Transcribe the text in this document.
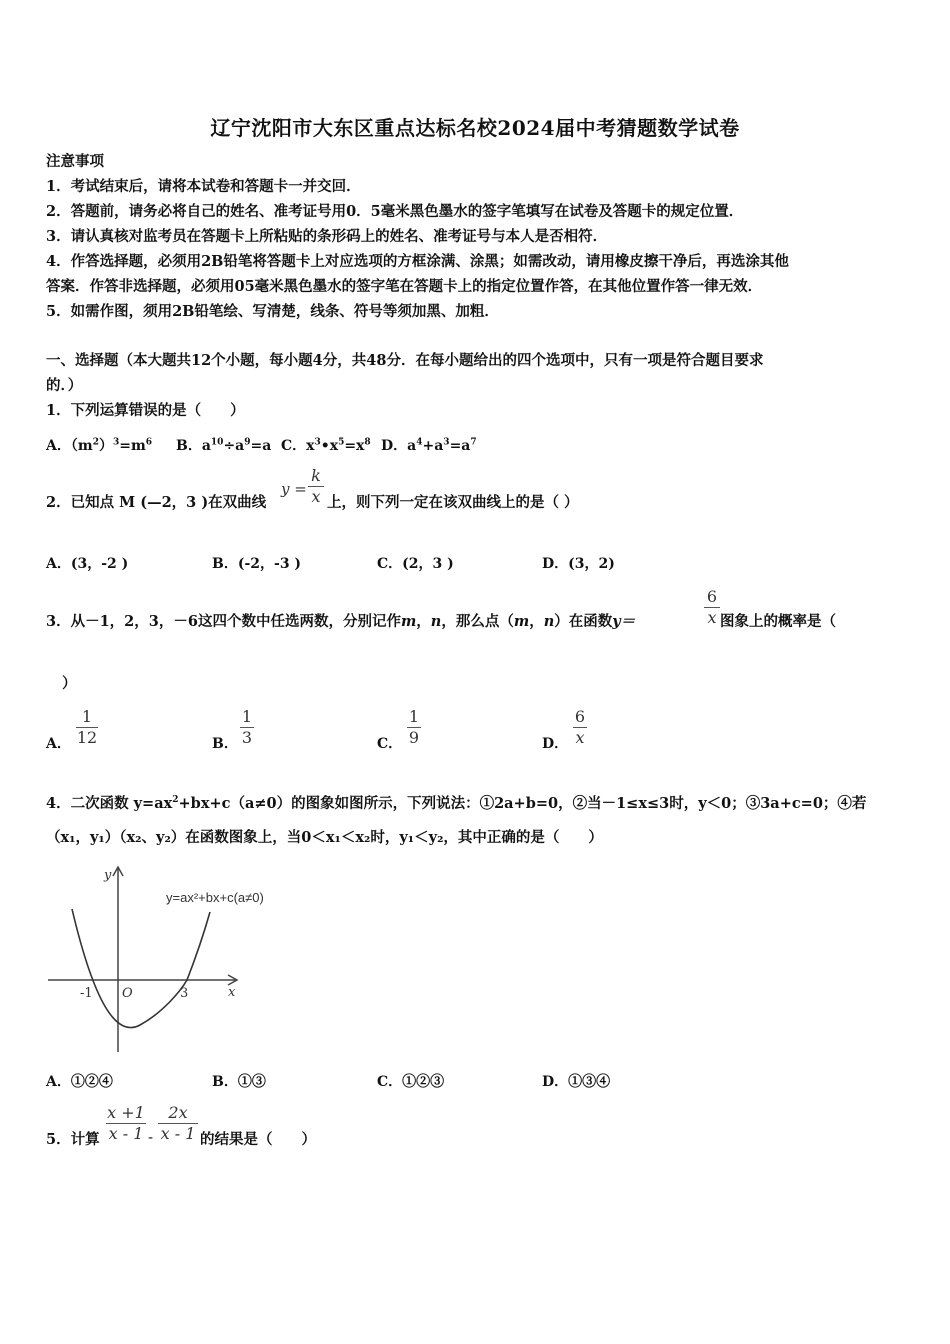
辽宁沈阳市大东区重点达标名校2024届中考猜题数学试卷
注意事项
1．考试结束后，请将本试卷和答题卡一并交回．
2．答题前，请务必将自己的姓名、准考证号用0．5毫米黑色墨水的签字笔填写在试卷及答题卡的规定位置．
3．请认真核对监考员在答题卡上所粘贴的条形码上的姓名、准考证号与本人是否相符．
4．作答选择题，必须用2B铅笔将答题卡上对应选项的方框涂满、涂黑；如需改动，请用橡皮擦干净后，再选涂其他
答案．作答非选择题，必须用05毫米黑色墨水的签字笔在答题卡上的指定位置作答，在其他位置作答一律无效．
5．如需作图，须用2B铅笔绘、写清楚，线条、符号等须加黑、加粗．
一、选择题（本大题共12个小题，每小题4分，共48分．在每小题给出的四个选项中，只有一项是符合题目要求
的．）
1．下列运算错误的是（　　）
A．$(m^2)^3=m^6$ B．$a^{10}\div a^9=a$ C．$x^3•x^5=x^8$ D．$a^4+a^3=a^7$
2．已知点 M (—2，3 )在双曲线
y =
k
x 上，则下列一定在该双曲线上的是（ ）
A．(3，-2 )	B．(-2，-3 )	C．(2，3 )	D．(3，2)
3．从－1，2，3，－6这四个数中任选两数，分别记作m，n，那么点（m，n）在函数y＝
6
x 图象上的概率是（
）
A．
1
12	B．
1
3	C．
1
9	D．
6
x
4．二次函数 $y=ax^2+bx+c(a\ne 0)$的图象如图所示，下列说法：①2a+b=0，②当－1≤x≤3时，y＜0；③3a+c=0；④若
（x₁，y₁）（x₂、y₂）在函数图象上，当0＜x₁＜x₂时，y₁＜y₂，其中正确的是（　　）
y=ax²+bx+c(a≠0)
y
x
O
-1	3
A．①②④	B．①③	C．①②③	D．①③④
5．计算
x +1
x - 1 -
2x
x - 1 的结果是（　　）
